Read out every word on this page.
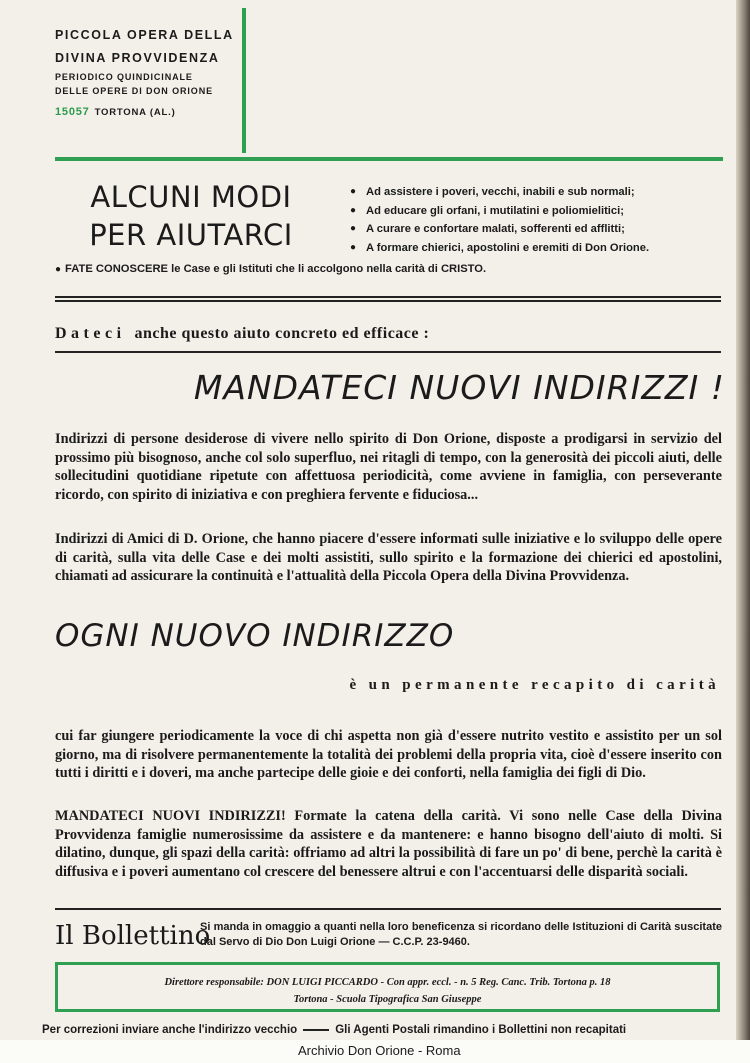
PICCOLA OPERA DELLA
DIVINA PROVVIDENZA
PERIODICO QUINDICINALE
DELLE OPERE DI DON ORIONE
15057 TORTONA (AL.)
ALCUNI MODI
PER AIUTARCI
● Ad assistere i poveri, vecchi, inabili e sub normali;
● Ad educare gli orfani, i mutilatini e poliomielitici;
● A curare e confortare malati, sofferenti ed afflitti;
● A formare chierici, apostolini e eremiti di Don Orione.
● FATE CONOSCERE le Case e gli Istituti che li accolgono nella carità di CRISTO.
Dateci anche questo aiuto concreto ed efficace :
MANDATECI NUOVI INDIRIZZI !
Indirizzi di persone desiderose di vivere nello spirito di Don Orione, disposte a prodigarsi in servizio del prossimo più bisognoso, anche col solo superfluo, nei ritagli di tempo, con la generosità dei piccoli aiuti, delle sollecitudini quotidiane ripetute con affettuosa periodicità, come avviene in famiglia, con perseverante ricordo, con spirito di iniziativa e con preghiera fervente e fiduciosa...
Indirizzi di Amici di D. Orione, che hanno piacere d'essere informati sulle iniziative e lo sviluppo delle opere di carità, sulla vita delle Case e dei molti assistiti, sullo spirito e la formazione dei chierici ed apostolini, chiamati ad assicurare la continuità e l'attualità della Piccola Opera della Divina Provvidenza.
OGNI NUOVO INDIRIZZO
è un permanente recapito di carità
cui far giungere periodicamente la voce di chi aspetta non già d'essere nutrito vestito e assistito per un sol giorno, ma di risolvere permanentemente la totalità dei problemi della propria vita, cioè d'essere inserito con tutti i diritti e i doveri, ma anche partecipe delle gioie e dei conforti, nella famiglia dei figli di Dio.
MANDATECI NUOVI INDIRIZZI! Formate la catena della carità. Vi sono nelle Case della Divina Provvidenza famiglie numerosissime da assistere e da mantenere: e hanno bisogno dell'aiuto di molti. Si dilatino, dunque, gli spazi della carità: offriamo ad altri la possibilità di fare un po' di bene, perchè la carità è diffusiva e i poveri aumentano col crescere del benessere altrui e con l'accentuarsi delle disparità sociali.
Il Bollettino
Si manda in omaggio a quanti nella loro beneficenza si ricordano delle Istituzioni di Carità suscitate dal Servo di Dio Don Luigi Orione — C.C.P. 23-9460.
Direttore responsabile: DON LUIGI PICCARDO - Con appr. eccl. - n. 5 Reg. Canc. Trib. Tortona p. 18
Tortona - Scuola Tipografica San Giuseppe
Per correzioni inviare anche l'indirizzo vecchio	Gli Agenti Postali rimandino i Bollettini non recapitati
Archivio Don Orione - Roma
